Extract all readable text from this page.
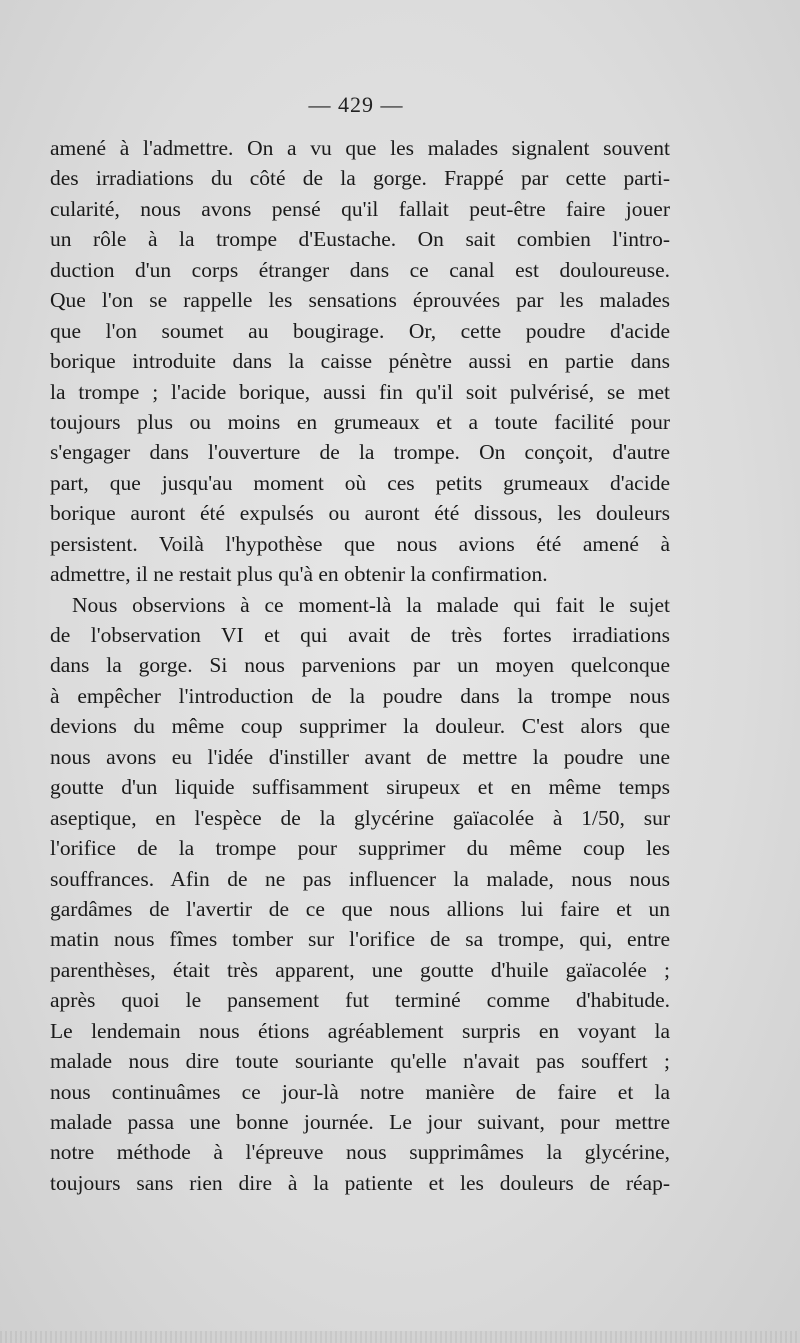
— 429 —
amené à l'admettre. On a vu que les malades signalent souvent
des irradiations du côté de la gorge. Frappé par cette parti-
cularité, nous avons pensé qu'il fallait peut-être faire jouer
un rôle à la trompe d'Eustache. On sait combien l'intro-
duction d'un corps étranger dans ce canal est douloureuse.
Que l'on se rappelle les sensations éprouvées par les malades
que l'on soumet au bougirage. Or, cette poudre d'acide
borique introduite dans la caisse pénètre aussi en partie dans
la trompe ; l'acide borique, aussi fin qu'il soit pulvérisé, se met
toujours plus ou moins en grumeaux et a toute facilité pour
s'engager dans l'ouverture de la trompe. On conçoit, d'autre
part, que jusqu'au moment où ces petits grumeaux d'acide
borique auront été expulsés ou auront été dissous, les douleurs
persistent. Voilà l'hypothèse que nous avions été amené à
admettre, il ne restait plus qu'à en obtenir la confirmation.
Nous observions à ce moment-là la malade qui fait le sujet
de l'observation VI et qui avait de très fortes irradiations
dans la gorge. Si nous parvenions par un moyen quelconque
à empêcher l'introduction de la poudre dans la trompe nous
devions du même coup supprimer la douleur. C'est alors que
nous avons eu l'idée d'instiller avant de mettre la poudre une
goutte d'un liquide suffisamment sirupeux et en même temps
aseptique, en l'espèce de la glycérine gaïacolée à 1/50, sur
l'orifice de la trompe pour supprimer du même coup les
souffrances. Afin de ne pas influencer la malade, nous nous
gardâmes de l'avertir de ce que nous allions lui faire et un
matin nous fîmes tomber sur l'orifice de sa trompe, qui, entre
parenthèses, était très apparent, une goutte d'huile gaïacolée ;
après quoi le pansement fut terminé comme d'habitude.
Le lendemain nous étions agréablement surpris en voyant la
malade nous dire toute souriante qu'elle n'avait pas souffert ;
nous continuâmes ce jour-là notre manière de faire et la
malade passa une bonne journée. Le jour suivant, pour mettre
notre méthode à l'épreuve nous supprimâmes la glycérine,
toujours sans rien dire à la patiente et les douleurs de réap-
